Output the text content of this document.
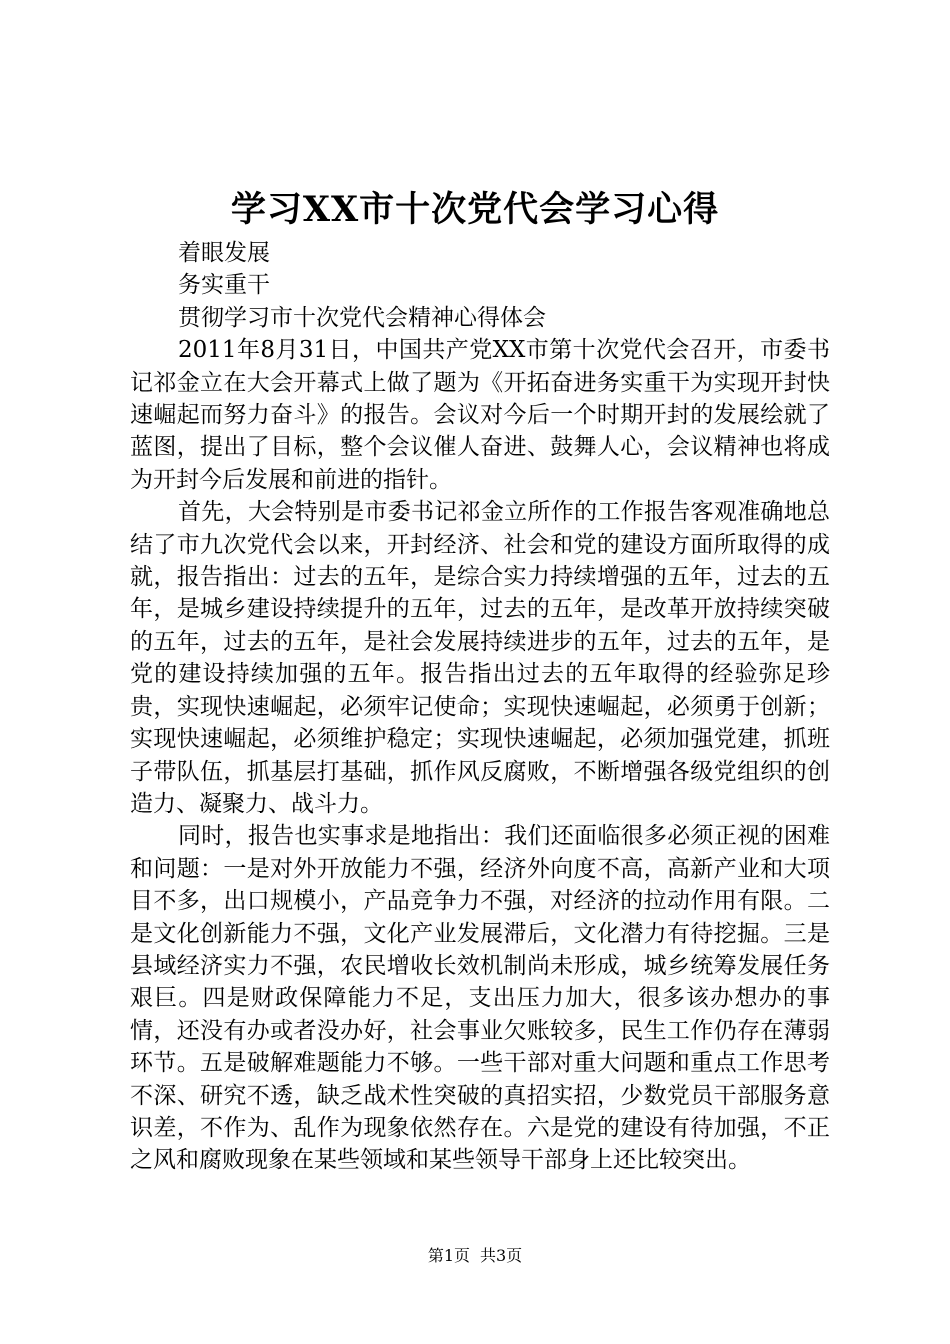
学习XX市十次党代会学习心得

着眼发展

务实重干

贯彻学习市十次党代会精神心得体会

2011年8月31日，中国共产党XX市第十次党代会召开，市委书记祁金立在大会开幕式上做了题为《开拓奋进务实重干为实现开封快速崛起而努力奋斗》的报告。会议对今后一个时期开封的发展绘就了蓝图，提出了目标，整个会议催人奋进、鼓舞人心，会议精神也将成为开封今后发展和前进的指针。

首先，大会特别是市委书记祁金立所作的工作报告客观准确地总结了市九次党代会以来，开封经济、社会和党的建设方面所取得的成就，报告指出：过去的五年，是综合实力持续增强的五年，过去的五年，是城乡建设持续提升的五年，过去的五年，是改革开放持续突破的五年，过去的五年，是社会发展持续进步的五年，过去的五年，是党的建设持续加强的五年。报告指出过去的五年取得的经验弥足珍贵，实现快速崛起，必须牢记使命；实现快速崛起，必须勇于创新；实现快速崛起，必须维护稳定；实现快速崛起，必须加强党建，抓班子带队伍，抓基层打基础，抓作风反腐败，不断增强各级党组织的创造力、凝聚力、战斗力。

同时，报告也实事求是地指出：我们还面临很多必须正视的困难和问题：一是对外开放能力不强，经济外向度不高，高新产业和大项目不多，出口规模小，产品竞争力不强，对经济的拉动作用有限。二是文化创新能力不强，文化产业发展滞后，文化潜力有待挖掘。三是县域经济实力不强，农民增收长效机制尚未形成，城乡统筹发展任务艰巨。四是财政保障能力不足，支出压力加大，很多该办想办的事情，还没有办或者没办好，社会事业欠账较多，民生工作仍存在薄弱环节。五是破解难题能力不够。一些干部对重大问题和重点工作思考不深、研究不透，缺乏战术性突破的真招实招，少数党员干部服务意识差，不作为、乱作为现象依然存在。六是党的建设有待加强，不正之风和腐败现象在某些领域和某些领导干部身上还比较突出。

第1页 共3页
